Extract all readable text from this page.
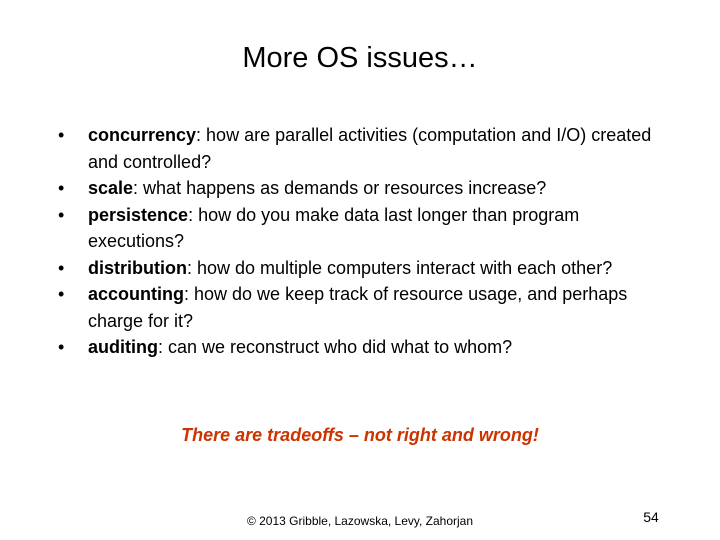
More OS issues…
• concurrency: how are parallel activities (computation and I/O) created and controlled?
• scale: what happens as demands or resources increase?
• persistence: how do you make data last longer than program executions?
• distribution: how do multiple computers interact with each other?
• accounting: how do we keep track of resource usage, and perhaps charge for it?
• auditing: can we reconstruct who did what to whom?
There are tradeoffs – not right and wrong!
© 2013 Gribble, Lazowska, Levy, Zahorjan	54
